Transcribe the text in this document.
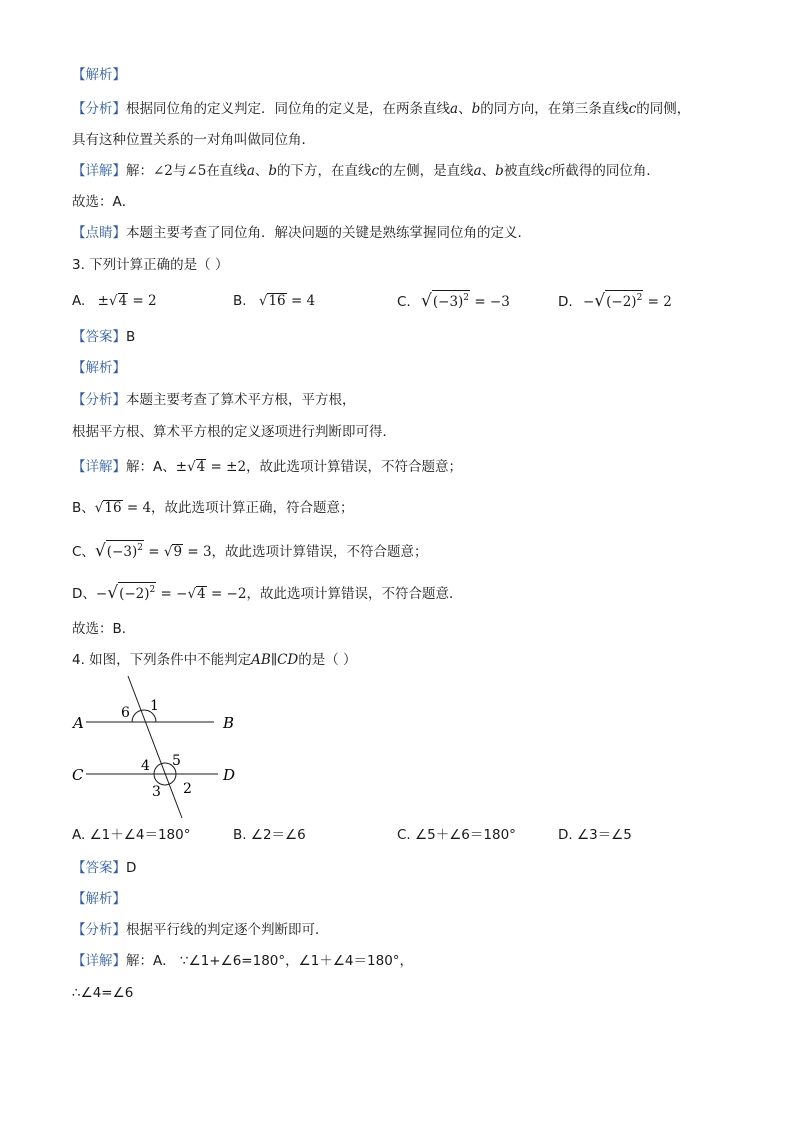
【解析】
【分析】根据同位角的定义判定．同位角的定义是，在两条直线a、b的同方向，在第三条直线c的同侧，
具有这种位置关系的一对角叫做同位角．
【详解】解：∠2与∠5在直线a、b的下方，在直线c的左侧，是直线a、b被直线c所截得的同位角．
故选：A．
【点睛】本题主要考查了同位角．解决问题的关键是熟练掌握同位角的定义．
3. 下列计算正确的是（ ）
A. ±√4 = 2	B. √16 = 4	C. $√(-3)^2 = -3$	D. $-√(-2)^2 = 2$
【答案】B
【解析】
【分析】本题主要考查了算术平方根，平方根，
根据平方根、算术平方根的定义逐项进行判断即可得．
【详解】解：A、±√4 = ±2，故此选项计算错误，不符合题意；
B、√16 = 4，故此选项计算正确，符合题意；
C、$√(-3)^2 = √9 = 3$，故此选项计算错误，不符合题意；
D、$-√(-2)^2 = -√4 = -2$，故此选项计算错误，不符合题意．
故选：B．
4. 如图，下列条件中不能判定AB∥CD的是（ ）
A	B
C	D
1
6
4 5
3 2
A. ∠1＋∠4＝180°	B. ∠2＝∠6	C. ∠5＋∠6＝180°	D. ∠3＝∠5
【答案】D
【解析】
【分析】根据平行线的判定逐个判断即可．
【详解】解：A． ∵∠1+∠6=180°，∠1＋∠4＝180°，
∴∠4=∠6
